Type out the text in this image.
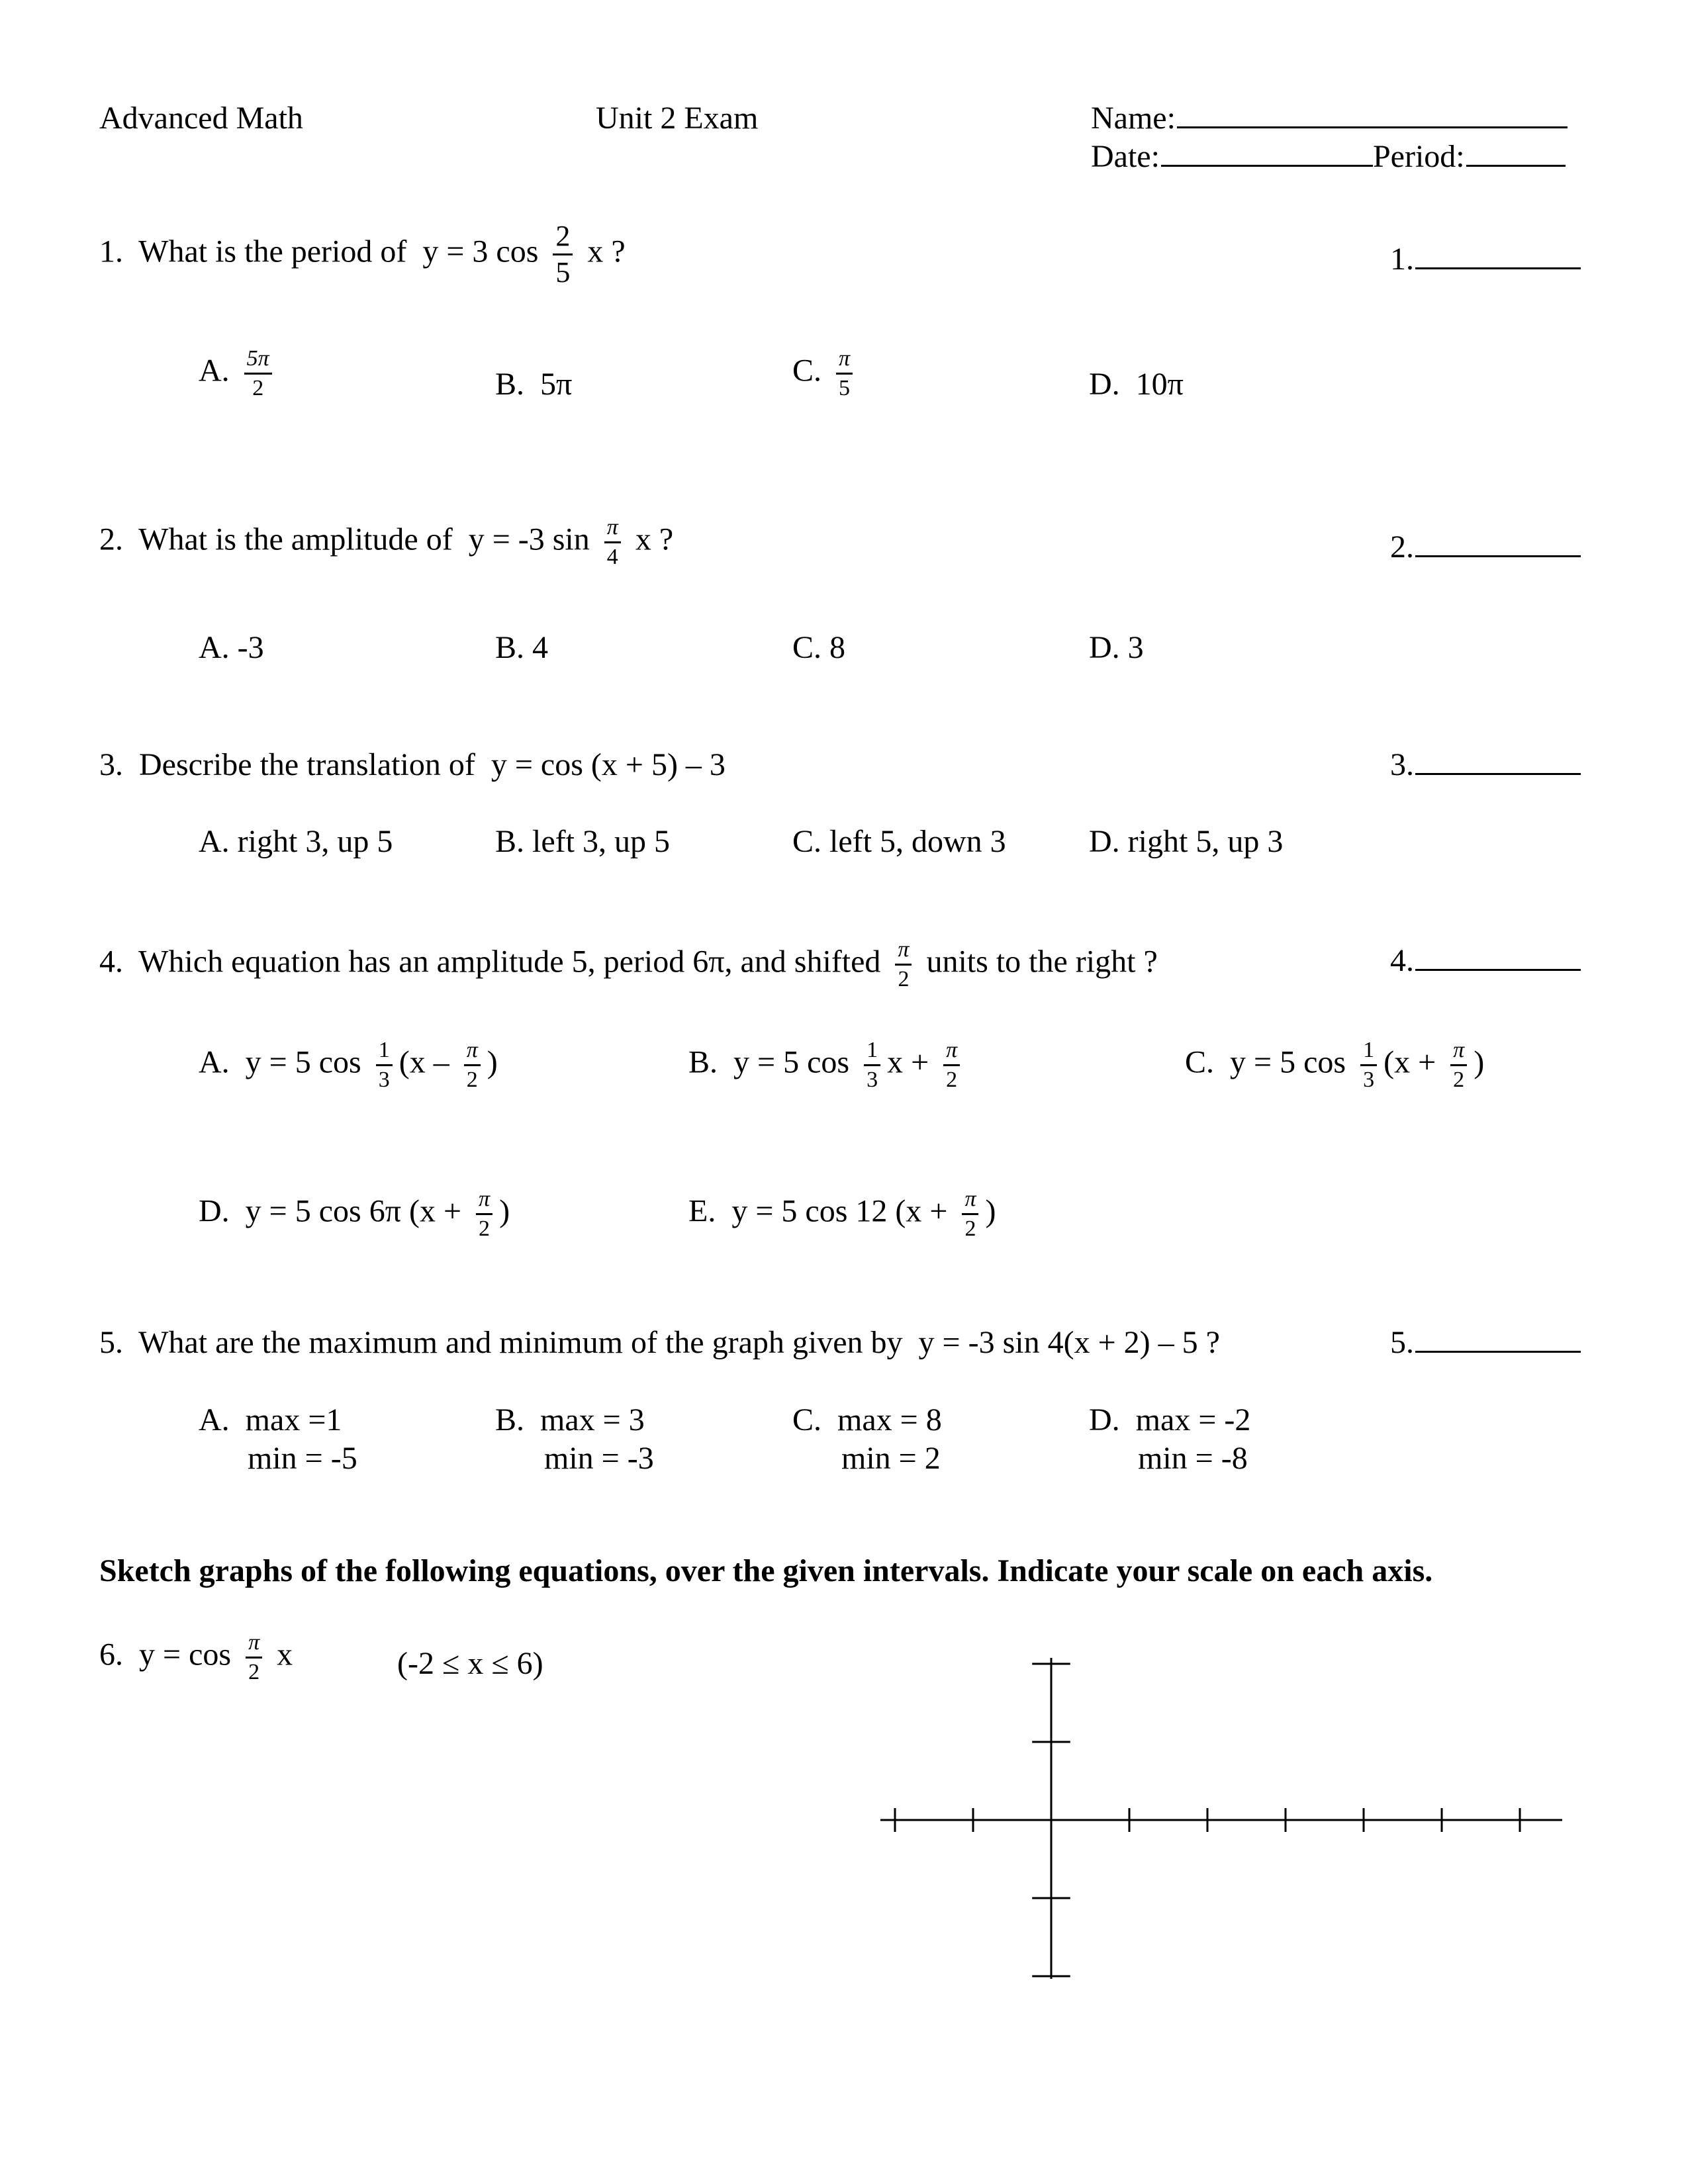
Advanced Math	Unit 2 Exam	Name:
Date:	Period:
1. What is the period of y = 3 $\cos \frac{2}{5}$ x ?	1.
A. $\frac{5\pi}{2}$	B. 5π	C. $\frac{\pi}{5}$	D. 10π
2. What is the amplitude of y = -3 $\sin \frac{\pi}{4}$ x ?	2.
A. -3	B. 4	C. 8	D. 3
3. Describe the translation of y = cos (x + 5) – 3	3.
A. right 3, up 5	B. left 3, up 5	C. left 5, down 3	D. right 5, up 3
4. Which equation has an amplitude 5, period 6π, and shifted $\frac{\pi}{2}$ units to the right ?	4.
A. y = 5 $\cos \frac{1}{3} (x - \frac{\pi}{2}$ )	B. y = 5 $\cos \frac{1}{3}$ $x + \frac{\pi}{2}$	C. y = 5 $\cos \frac{1}{3} (x + \frac{\pi}{2}$ )
D. y = 5 cos 6π ($x + \frac{\pi}{2}$ )	E. y = 5 cos 12 ($x + \frac{\pi}{2}$ )
5. What are the maximum and minimum of the graph given by y = -3 sin 4(x + 2) – 5 ?	5.
A. max =1
min = -5
B. max = 3
min = -3
C. max = 8
min = 2
D. max = -2
min = -8
Sketch graphs of the following equations, over the given intervals. Indicate your scale on each axis.
6. $y = \cos \frac{\pi}{2}$ x	(-2 ≤ x ≤ 6)
